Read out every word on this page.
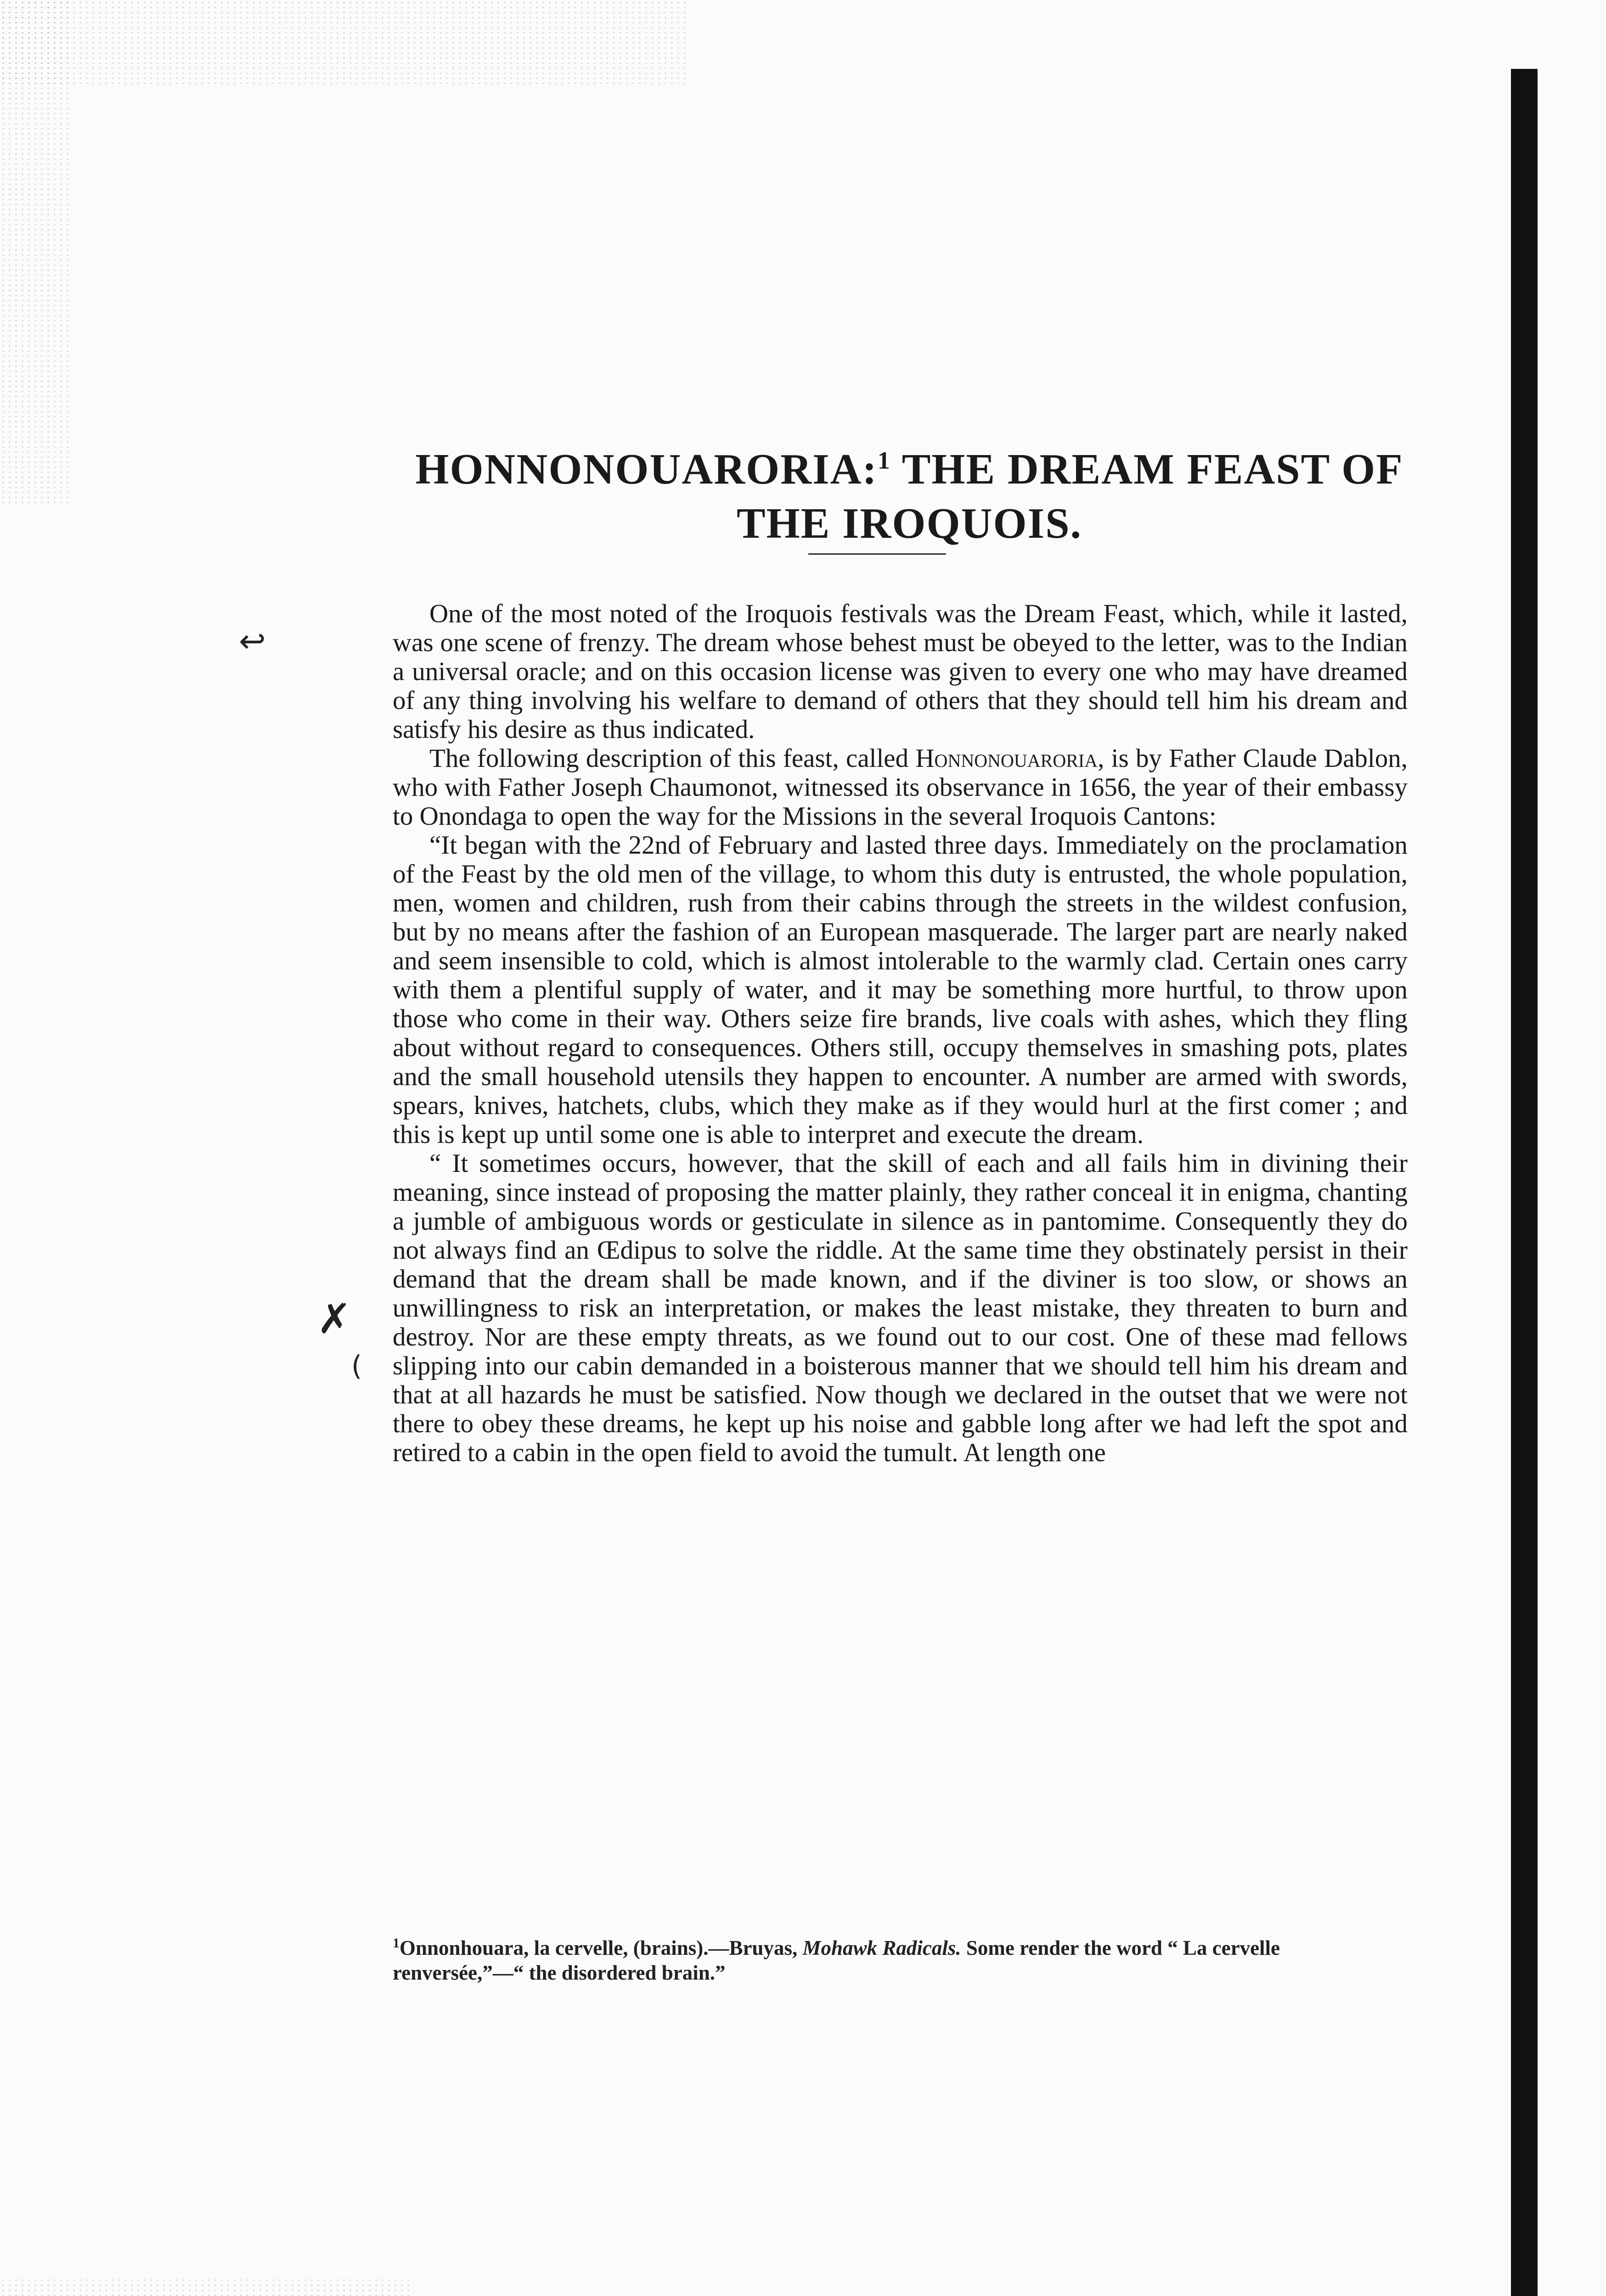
HONNONOUARORIA:$^1$ THE DREAM FEAST OF THE IROQUOIS.
↩
✗
(

One of the most noted of the Iroquois festivals was the Dream Feast, which, while it lasted, was one scene of frenzy. The dream whose behest must be obeyed to the letter, was to the Indian a universal oracle; and on this occasion license was given to every one who may have dreamed of any thing involving his welfare to demand of others that they should tell him his dream and satisfy his desire as thus indicated.

The following description of this feast, called Honnonouaroria, is by Father Claude Dablon, who with Father Joseph Chaumonot, witnessed its observance in 1656, the year of their embassy to Onondaga to open the way for the Missions in the several Iroquois Cantons:

“It began with the 22nd of February and lasted three days. Immediately on the proclamation of the Feast by the old men of the village, to whom this duty is entrusted, the whole population, men, women and children, rush from their cabins through the streets in the wildest confusion, but by no means after the fashion of an European masquerade. The larger part are nearly naked and seem insensible to cold, which is almost intolerable to the warmly clad. Certain ones carry with them a plentiful supply of water, and it may be something more hurtful, to throw upon those who come in their way. Others seize fire brands, live coals with ashes, which they fling about without regard to consequences. Others still, occupy themselves in smashing pots, plates and the small household utensils they happen to encounter. A number are armed with swords, spears, knives, hatchets, clubs, which they make as if they would hurl at the first comer ; and this is kept up until some one is able to interpret and execute the dream.

“ It sometimes occurs, however, that the skill of each and all fails him in divining their meaning, since instead of proposing the matter plainly, they rather conceal it in enigma, chanting a jumble of ambiguous words or gesticulate in silence as in pantomime. Consequently they do not always find an Œdipus to solve the riddle. At the same time they obstinately persist in their demand that the dream shall be made known, and if the diviner is too slow, or shows an unwillingness to risk an interpretation, or makes the least mistake, they threaten to burn and destroy. Nor are these empty threats, as we found out to our cost. One of these mad fellows slipping into our cabin demanded in a boisterous manner that we should tell him his dream and that at all hazards he must be satisfied. Now though we declared in the outset that we were not there to obey these dreams, he kept up his noise and gabble long after we had left the spot and retired to a cabin in the open field to avoid the tumult. At length one

$^1$Onnonhouara, la cervelle, (brains).—Bruyas, Mohawk Radicals. Some render the word “ La cervelle renversée,”—“ the disordered brain.”
